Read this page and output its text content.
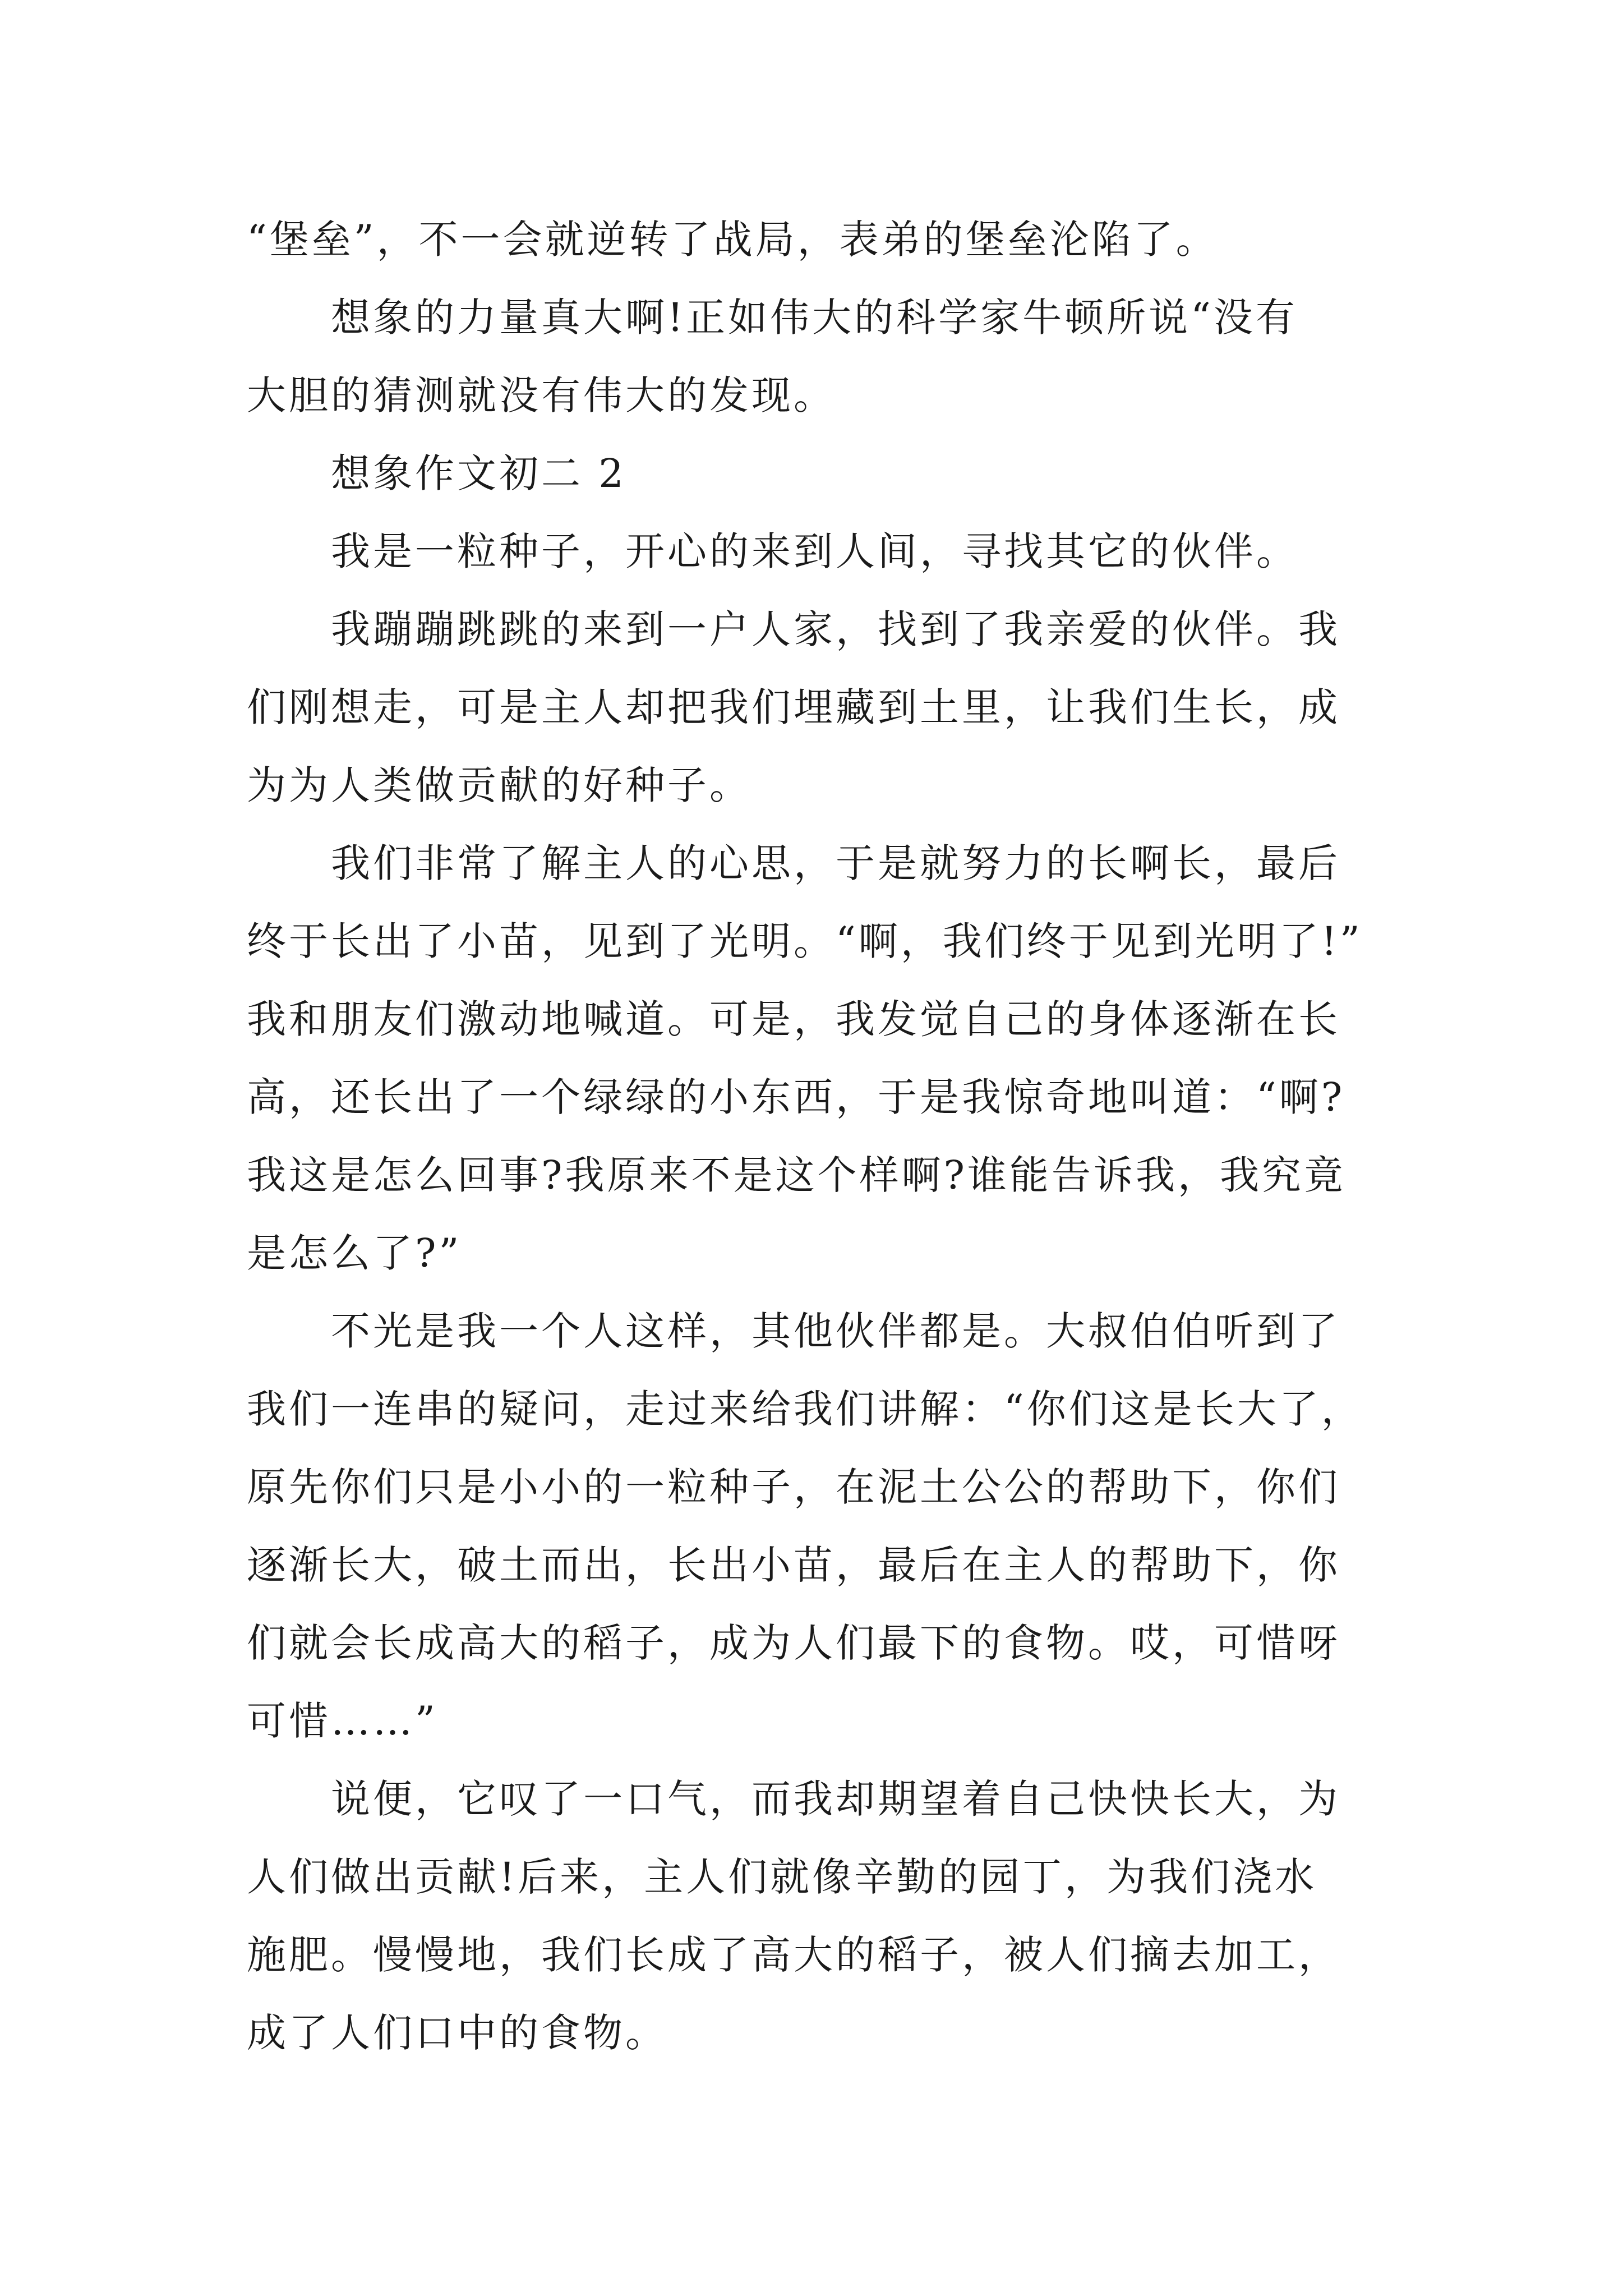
“堡垒”，不一会就逆转了战局，表弟的堡垒沦陷了。
想象的力量真大啊!正如伟大的科学家牛顿所说“没有
大胆的猜测就没有伟大的发现。
想象作文初二 2
我是一粒种子，开心的来到人间，寻找其它的伙伴。
我蹦蹦跳跳的来到一户人家，找到了我亲爱的伙伴。我
们刚想走，可是主人却把我们埋藏到土里，让我们生长，成
为为人类做贡献的好种子。
我们非常了解主人的心思，于是就努力的长啊长，最后
终于长出了小苗，见到了光明。“啊，我们终于见到光明了!”
我和朋友们激动地喊道。可是，我发觉自己的身体逐渐在长
高，还长出了一个绿绿的小东西，于是我惊奇地叫道：“啊?
我这是怎么回事?我原来不是这个样啊?谁能告诉我，我究竟
是怎么了?”
不光是我一个人这样，其他伙伴都是。大叔伯伯听到了
我们一连串的疑问，走过来给我们讲解：“你们这是长大了，
原先你们只是小小的一粒种子，在泥土公公的帮助下，你们
逐渐长大，破土而出，长出小苗，最后在主人的帮助下，你
们就会长成高大的稻子，成为人们最下的食物。哎，可惜呀
可惜……”
说便，它叹了一口气，而我却期望着自己快快长大，为
人们做出贡献!后来，主人们就像辛勤的园丁，为我们浇水
施肥。慢慢地，我们长成了高大的稻子，被人们摘去加工，
成了人们口中的食物。
